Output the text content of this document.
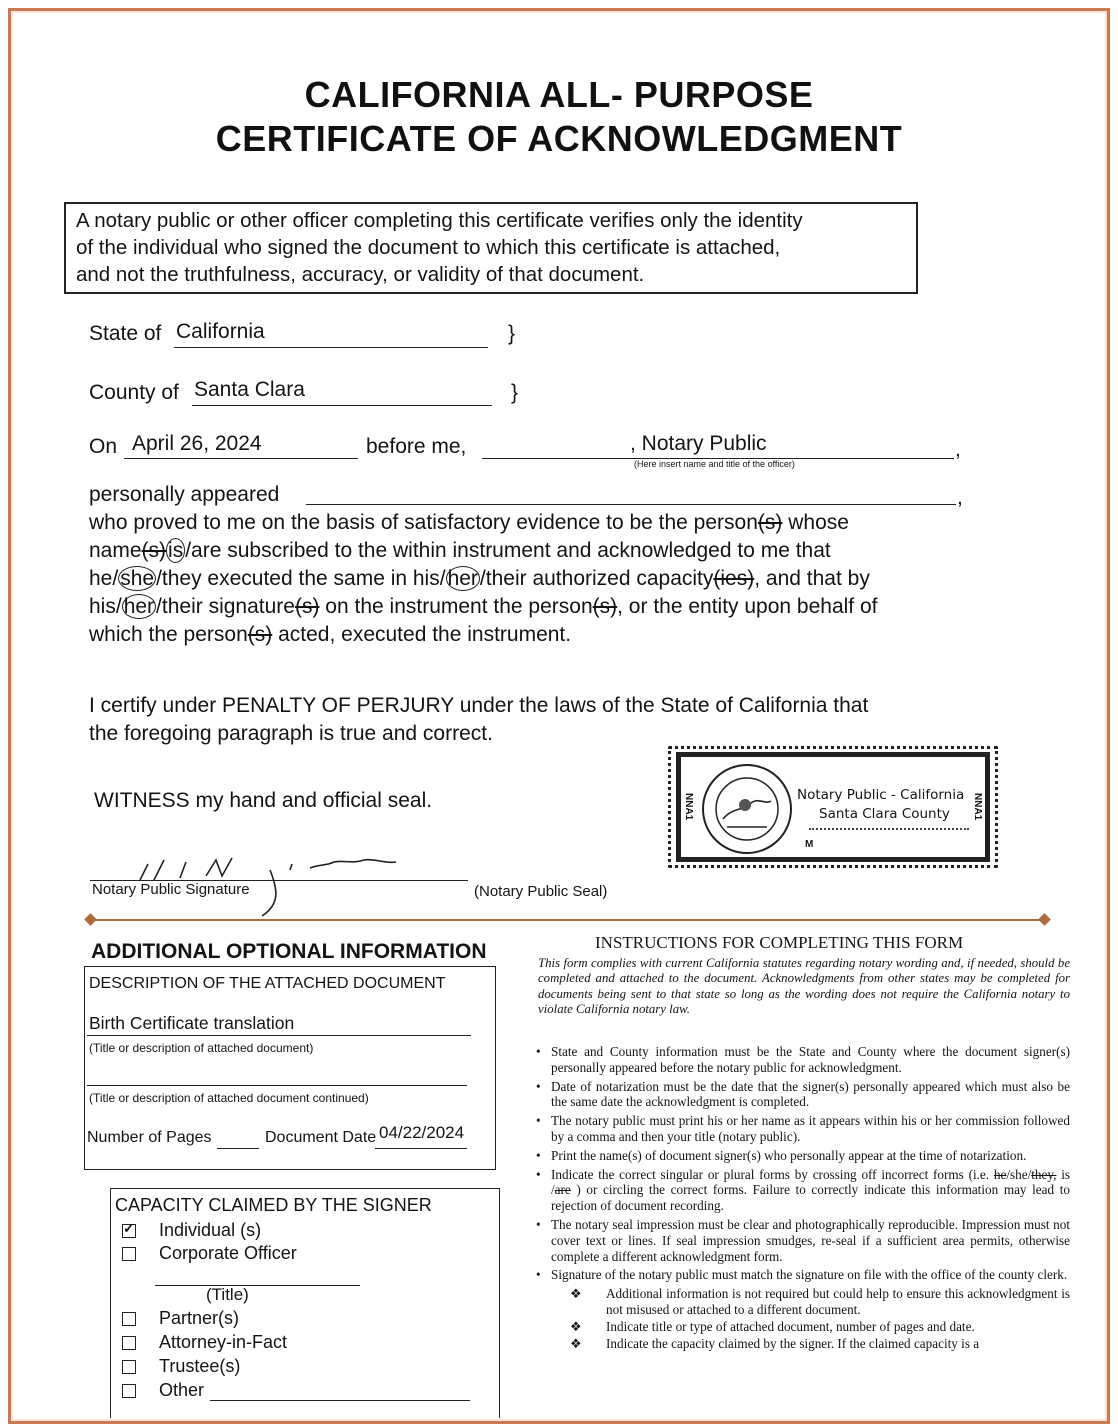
CALIFORNIA ALL- PURPOSE
CERTIFICATE OF ACKNOWLEDGMENT
A notary public or other officer completing this certificate verifies only the identity
of the individual who signed the document to which this certificate is attached,
and not the truthfulness, accuracy, or validity of that document.
State of California	}
County of Santa Clara	}
On April 26, 2024	before me,	, Notary Public
(Here insert name and title of the officer)
,
personally appeared	,
who proved to me on the basis of satisfactory evidence to be the person(s) whose
name(s)is/are subscribed to the within instrument and acknowledged to me that
he/she/they executed the same in his/her/their authorized capacity(ies), and that by
his/her/their signature(s) on the instrument the person(s), or the entity upon behalf of
which the person(s) acted, executed the instrument.
I certify under PENALTY OF PERJURY under the laws of the State of California that
the foregoing paragraph is true and correct.
WITNESS my hand and official seal.
Notary Public Signature	(Notary Public Seal)
NNA1	NNA1
Notary Public - California
Santa Clara County
M
ADDITIONAL OPTIONAL INFORMATION
DESCRIPTION OF THE ATTACHED DOCUMENT
Birth Certificate translation
(Title or description of attached document)
(Title or description of attached document continued)
Number of Pages	Document Date 04/22/2024
CAPACITY CLAIMED BY THE SIGNER
✓ Individual (s)
Corporate Officer
(Title)
Partner(s)
Attorney-in-Fact
Trustee(s)
Other
INSTRUCTIONS FOR COMPLETING THIS FORM
This form complies with current California statutes regarding notary wording and, if needed, should be completed and attached to the document. Acknowledgments from other states may be completed for documents being sent to that state so long as the wording does not require the California notary to violate California notary law.
• State and County information must be the State and County where the document signer(s) personally appeared before the notary public for acknowledgment.
• Date of notarization must be the date that the signer(s) personally appeared which must also be the same date the acknowledgment is completed.
• The notary public must print his or her name as it appears within his or her commission followed by a comma and then your title (notary public).
• Print the name(s) of document signer(s) who personally appear at the time of notarization.
• Indicate the correct singular or plural forms by crossing off incorrect forms (i.e. he/she/they, is /are ) or circling the correct forms. Failure to correctly indicate this information may lead to rejection of document recording.
• The notary seal impression must be clear and photographically reproducible. Impression must not cover text or lines. If seal impression smudges, re-seal if a sufficient area permits, otherwise complete a different acknowledgment form.
• Signature of the notary public must match the signature on file with the office of the county clerk.
❖	Additional information is not required but could help to ensure this acknowledgment is not misused or attached to a different document.
❖	Indicate title or type of attached document, number of pages and date.
❖	Indicate the capacity claimed by the signer. If the claimed capacity is a
